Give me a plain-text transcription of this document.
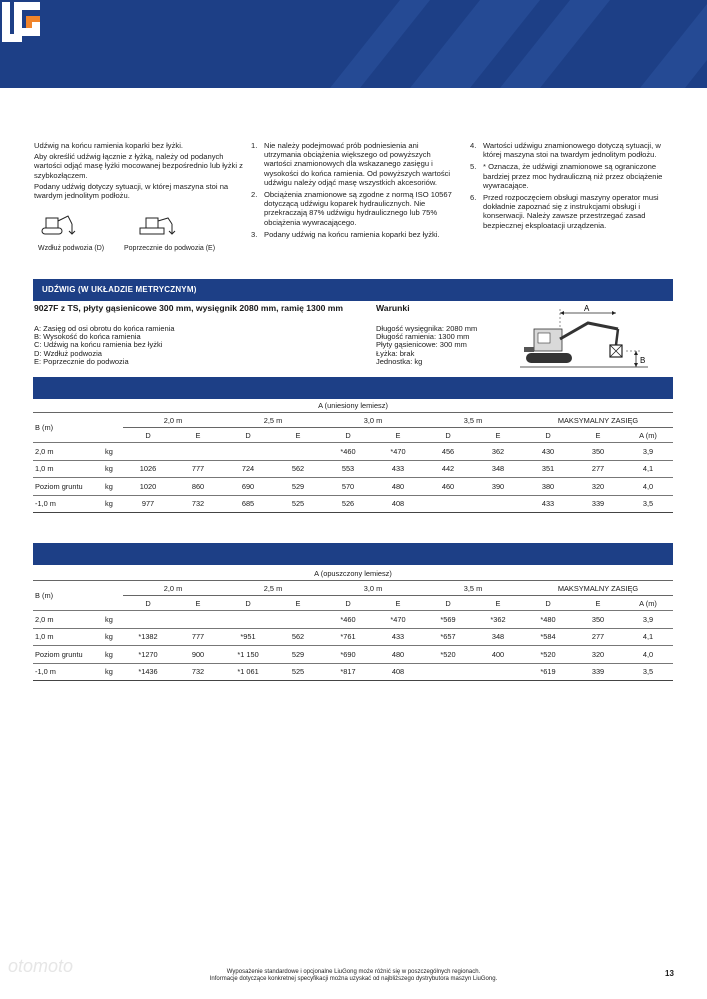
Udźwig na końcu ramienia koparki bez łyżki.

Aby określić udźwig łącznie z łyżką, należy od podanych wartości odjąć masę łyżki mocowanej bezpośrednio lub łyżki z szybkozłączem.

Podany udźwig dotyczy sytuacji, w której maszyna stoi na twardym jednolitym podłożu.

Wzdłuż podwozia (D)	Poprzecznie do podwozia (E)
1. Nie należy podejmować prób podniesienia ani utrzymania obciążenia większego od powyższych wartości znamionowych dla wskazanego zasięgu i wysokości do końca ramienia. Od powyższych wartości udźwigu należy odjąć masę wszystkich akcesoriów.
2. Obciążenia znamionowe są zgodne z normą ISO 10567 dotyczącą udźwigu koparek hydraulicznych. Nie przekraczają 87% udźwigu hydraulicznego lub 75% obciążenia wywracającego.
3. Podany udźwig na końcu ramienia koparki bez łyżki.
4. Wartości udźwigu znamionowego dotyczą sytuacji, w której maszyna stoi na twardym jednolitym podłożu.
5. * Oznacza, że udźwigi znamionowe są ograniczone bardziej przez moc hydrauliczną niż przez obciążenie wywracające.
6. Przed rozpoczęciem obsługi maszyny operator musi dokładnie zapoznać się z instrukcjami obsługi i konserwacji. Należy zawsze przestrzegać zasad bezpiecznej eksploatacji urządzenia.
UDŹWIG (W UKŁADZIE METRYCZNYM)
9027F z TS, płyty gąsienicowe 300 mm, wysięgnik 2080 mm, ramię 1300 mm	Warunki
A: Zasięg od osi obrotu do końca ramienia
B: Wysokość do końca ramienia
C: Udźwig na końcu ramienia bez łyżki
D: Wzdłuż podwozia
E: Poprzecznie do podwozia
Długość wysięgnika: 2080 mm
Długość ramienia: 1300 mm
Płyty gąsienicowe: 300 mm
Łyżka: brak
Jednostka: kg
A
B
A (uniesiony lemiesz)												
B (m)		2,0 m		2,5 m		3,0 m		3,5 m		MAKSYMALNY ZASIĘG		
		D	E	D	E	D	E	D	E	D	E	A (m)
2,0 m	kg					*460	*470	456	362	430	350	3,9
1,0 m	kg	1026	777	724	562	553	433	442	348	351	277	4,1
Poziom gruntu	kg	1020	860	690	529	570	480	460	390	380	320	4,0
-1,0 m	kg	977	732	685	525	526	408			433	339	3,5
A (opuszczony lemiesz)												
B (m)		2,0 m		2,5 m		3,0 m		3,5 m		MAKSYMALNY ZASIĘG		
		D	E	D	E	D	E	D	E	D	E	A (m)
2,0 m	kg					*460	*470	*569	*362	*480	350	3,9
1,0 m	kg	*1382	777	*951	562	*761	433	*657	348	*584	277	4,1
Poziom gruntu	kg	*1270	900	*1 150	529	*690	480	*520	400	*520	320	4,0
-1,0 m	kg	*1436	732	*1 061	525	*817	408			*619	339	3,5
otomoto	Wyposażenie standardowe i opcjonalne LiuGong może różnić się w poszczególnych regionach.
Informacje dotyczące konkretnej specyfikacji można uzyskać od najbliższego dystrybutora maszyn LiuGong.
13
